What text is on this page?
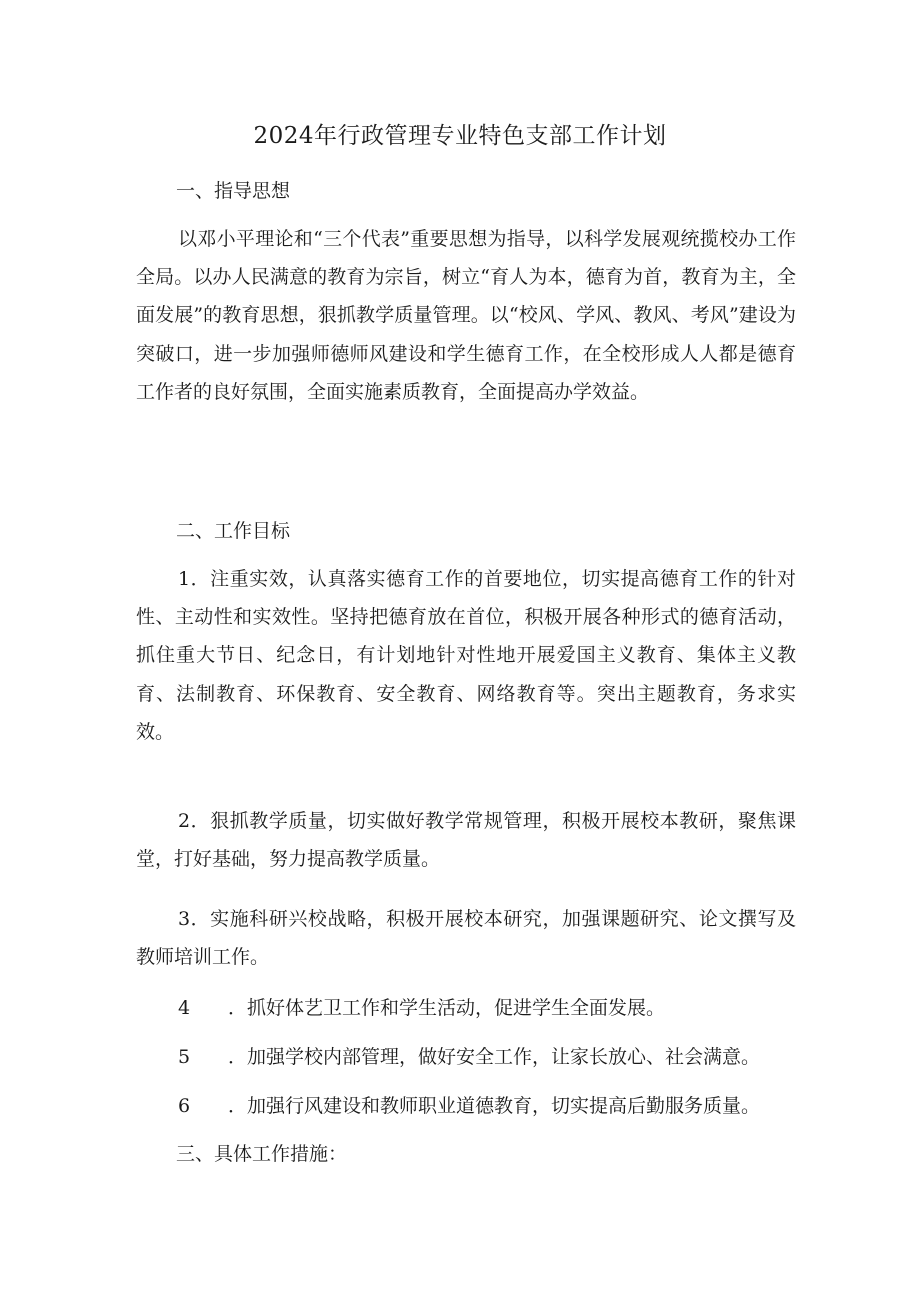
2024年行政管理专业特色支部工作计划
一、指导思想
以邓小平理论和“三个代表”重要思想为指导，以科学发展观统揽校办工作全局。以办人民满意的教育为宗旨，树立“育人为本，德育为首，教育为主，全面发展”的教育思想，狠抓教学质量管理。以“校风、学风、教风、考风”建设为突破口，进一步加强师德师风建设和学生德育工作，在全校形成人人都是德育工作者的良好氛围，全面实施素质教育，全面提高办学效益。
二、工作目标
1．注重实效，认真落实德育工作的首要地位，切实提高德育工作的针对性、主动性和实效性。坚持把德育放在首位，积极开展各种形式的德育活动，抓住重大节日、纪念日，有计划地针对性地开展爱国主义教育、集体主义教育、法制教育、环保教育、安全教育、网络教育等。突出主题教育，务求实效。
2．狠抓教学质量，切实做好教学常规管理，积极开展校本教研，聚焦课堂，打好基础，努力提高教学质量。
3．实施科研兴校战略，积极开展校本研究，加强课题研究、论文撰写及教师培训工作。
4 ．抓好体艺卫工作和学生活动，促进学生全面发展。
5 ．加强学校内部管理，做好安全工作，让家长放心、社会满意。
6 ．加强行风建设和教师职业道德教育，切实提高后勤服务质量。
三、具体工作措施：
